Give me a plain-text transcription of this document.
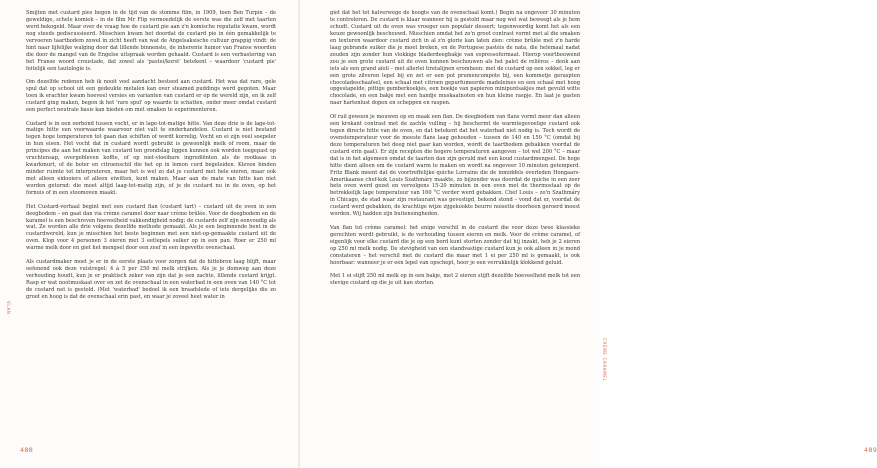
Smijten met custard pies begon in de tijd van de stomme film, in 1909, toen Ben Turpin – de geweldige, schele komiek – in de film Mr Flip vermoedelijk de eerste was die zelf met taarten werd bekogeld. Maar over de vraag hoe de custard pie aan z'n komische reputatie kwam, wordt nog steeds gediscussieerd. Misschien kwam het doordat de custard pie in één gemakkelijk te vervoeren taartbodem zowel in zicht heeft van wat de Angelsaksische cultuur grappig vindt: de hint naar lijfelijke walging door dat lillende binnenste, de inherente humor van Franse woorden die door de mangel van de Engelse uitspraak worden gehaald. Custard is een verbastering van het Franse woord croustade, dat zowel als 'pastei/korst' betekent – waardoor 'custard pie' feitelijk een tautologie is.

Om dezelfde redenen heb ik nooit veel aandacht besteed aan custard. Het was dat rare, gele spul dat op school uit een gedeukte metalen kan over steamed puddings werd gegoten. Maar toen ik erachter kwam hoeveel versies en varianten van custard er op de wereld zijn, en ik zelf custard ging maken, begon ik het 'rare spul' op waarde te schatten, onder meer omdat custard een perfect neutrale basis kan bieden om met smaken te experimenteren.

Custard is in een oorbond tussen vocht, er in lage-tot-matige hitte. Van deze drie is de lage-tot-matige hitte een voorwaarde waarvoor niet valt te onderhandelen. Custard is niet bestand tegen hoge temperaturen tot gaan dan schiften of wordt korrelig. Vocht en ei zijn veel soepeler in hun eisen. Het vocht dat in custard wordt gebruikt is gewoonlijk melk of room, maar de principes die aan het maken van custard ten grondslag liggen kunnen ook worden toegepast op vruchtensap, overgebleven koffie, of op niet-vloeibare ingrediënten als de rootkaas in kwarkmurt, of de boter en citroenschil die het op in lemon curd begeleiden. Kleven binden minder ruimte tot interpreteren, maar het is wel zo dat je custard met hele eieren, maar ook met alleen eidooiers of alleen eiwitten, kunt maken. Maar aan de mate van hitte kan niet worden getornd: die moet altijd laag-tot-matig zijn, of je de custard nu in de oven, op het fornuis of in een stoomoven maakt.

Het Custard-verhaal begint met een custard flan (custard tart) – custard uit de oven in een deegbodem – en gaat dan via crème caramel door naar crème brûlée. Voor de deegbodem en de karamel is een beschreven hoeveelheid vakkundigheid nodig; de custards zelf zijn eenvoudig als wat. Ze worden alle drie volgens dezelfde methode gemaakt. Als je een beginnende bent in de custardwereld, kun je misschien het beste beginnen met een niet-op-gemaakte custard uit de oven. Klop voor 4 personen 3 eieren met 3 eetlepels suiker op in een pan. Roer er 250 ml warme melk door en giet het mengsel door een zeef in een ingevette ovenschaal.

Als custardmaker moet je er in de eerste plaats voor zorgen dat de hittebron laag blijft, maar oefenend ook deze vuistregel: 4 à 5 per 250 ml melk strijken. Als je je domweg aan deze verhouding houdt, kun je er praktisch zeker van zijn dat je een zachte, lillende custard krijgt. Rasp er wat nootmuskaat over en zet de ovenschaal in een waterbad in een oven van 140 °C tot de custard net is gestold. (Met 'waterbad' bedoel ik een braadslede of iets dergelijks die zo groot en hoog is dat de ovenschaal erin past, en waar je zoveel heet water in

VLAN
488

giet dat het tot halverwege de hoogte van de ovenschaal komt.) Begin na ongeveer 30 minuten te controleren. De custard is klaar wanneer hij is gestold maar nog wel wat beweegt als je hem schudt. Custard uit de oven was vroeger een populair dessert; tegenwoordig komt het als een keuze gewoonlijk beschouwd. Misschien omdat het zo'n groot contrast vormt met al die smaken en texturen waardoor custard zich in al z'n glorie kan laten zien: crème brûlée met z'n harde laag gebrande suiker die je moet breken, en de Portugese pastéis de nata, die helemaal nadat zouden zijn zonder hun vlokkige bladerdeegbakje van espressoformaat. Hierop voortbouwend zou je een grote custard uit de oven kunnen beschouwen als het palet de reliëros – denk aan iets als een grand aïoli – met allerlei tiretalijnen eromheen: met de custard op een sokkel, leg er een grote zilveren lepel bij en zet er een pot prumencompote bij, een kommetje geraspten chocoladeschaafsel, een schaal met citroen gepurfumeerde madeleines en een schaal met hoog opgestapelde, pittige gemberkoekjes, een boekje van papieren minipuntsakjes met gevuld witte chocolade, en een bakje met een handje muskaatnoten en hun kleine raspje. En laat je gasten naar hartenlust dopen en scheppen en raspen.

Of ruil gewoon je mouwen op en maak een flan. De deegbodem van flans vormt meer dan alleen een krokant contrast met de zachte vulling – hij beschermt de warmtegevoelige custard ook tegen directe hitte van de oven, en dat betekent dat het waterbad niet nodig is. Toch wordt de ovenstemperatuur voor de meeste flans laag gehouden – tussen de 140 en 150 °C (omdat bij deze temperaturen het deeg niet gaar kan worden, wordt de taartbodem gebakken voordat de custard erin gaat). Er zijn recepten die hogere temperaturen aangeven – tot wel 200 °C – maar dat is in het algemeen omdat de taarten dan zijn gevuld met een koud custardmengsel. De hoge hitte dient alleen om de custard warm te maken en wordt na ongeveer 10 minuten getemperd. Fritz Blank meent dat de voortreffelijke quiche Lorraine die de inmiddels overleden Hongaars-Amerikaanse chef-kok Louis Szathmáry maakte, zo bijzonder was doordat de quiche in een zeer hete oven werd gezet en vervolgens 15-20 minuten in een oven met de thermostaat op de betrekkelijk lage temperatuur van 160 °C verder werd gebakken. Chef Louis – zo'n Szathmáry in Chicago, de stad waar zijn restaurant was gevestigd, bekend stond – vond dat er, voordat de custard werd gebakken, de krachtige wijze zijgekookte beurre noisette doorheen geroerd moest worden. Wij hadden zijn buitensingheden.

Van flan tot crème caramel: het enige verschil in de custard die voor deze twee klassieke gerechten wordt gebruikt, is de verhouding tussen eieren en melk. Voor de crème caramel, of eigenlijk voor elke custard die je op een bord kunt storten zonder dat hij inzakt, heb je 2 eieren op 250 ml melk nodig. De stevigheid van een standvastige custard kun je ook alleen in je mond constateren – het verschil met de custard die maar met 1 ei per 250 ml is gemaakt, is ook hoorbaar: wanneer je er een lepel van opschept, hoor je een verrukkelijk klokkend geluid.

Met 1 ei stijft 250 ml melk op in een bakje, met 2 eieren stijft dezelfde hoeveelheid melk tot een stevige custard op die je uit kan storten.

CRÈME CARAMEL
489
